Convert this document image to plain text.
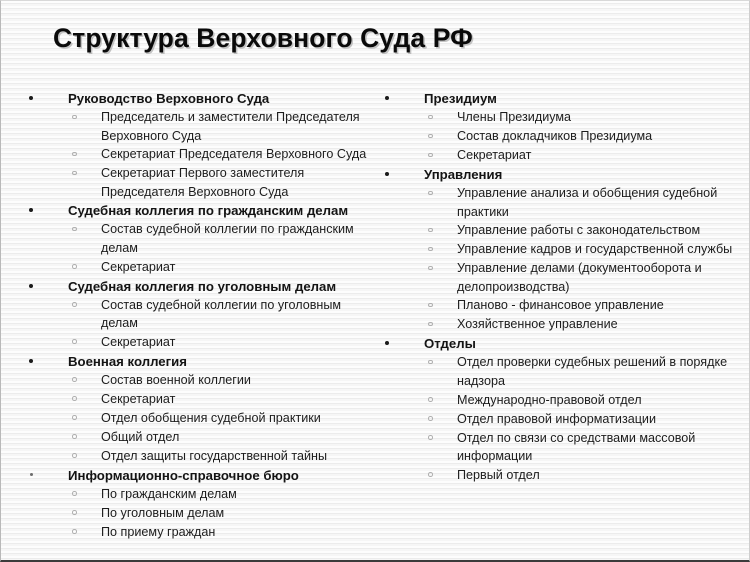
Структура Верховного Суда РФ
Руководство Верховного Суда
Председатель и заместители Председателя Верховного Суда
Секретариат Председателя Верховного Суда
Секретариат Первого заместителя Председателя Верховного Суда
Судебная коллегия по гражданским делам
Состав судебной коллегии по гражданским делам
Секретариат
Судебная коллегия по уголовным делам
Состав судебной коллегии по уголовным делам
Секретариат
Военная коллегия
Состав военной коллегии
Секретариат
Отдел обобщения судебной практики
Общий отдел
Отдел защиты государственной тайны
Информационно-справочное бюро
По гражданским делам
По уголовным делам
По приему граждан
Президиум
Члены Президиума
Состав докладчиков Президиума
Секретариат
Управления
Управление анализа и обобщения судебной практики
Управление работы с законодательством
Управление кадров и государственной службы
Управление делами (документооборота и делопроизводства)
Планово - финансовое управление
Хозяйственное управление
Отделы
Отдел проверки судебных решений в порядке надзора
Международно-правовой отдел
Отдел правовой информатизации
Отдел по связи со средствами массовой информации
Первый отдел
